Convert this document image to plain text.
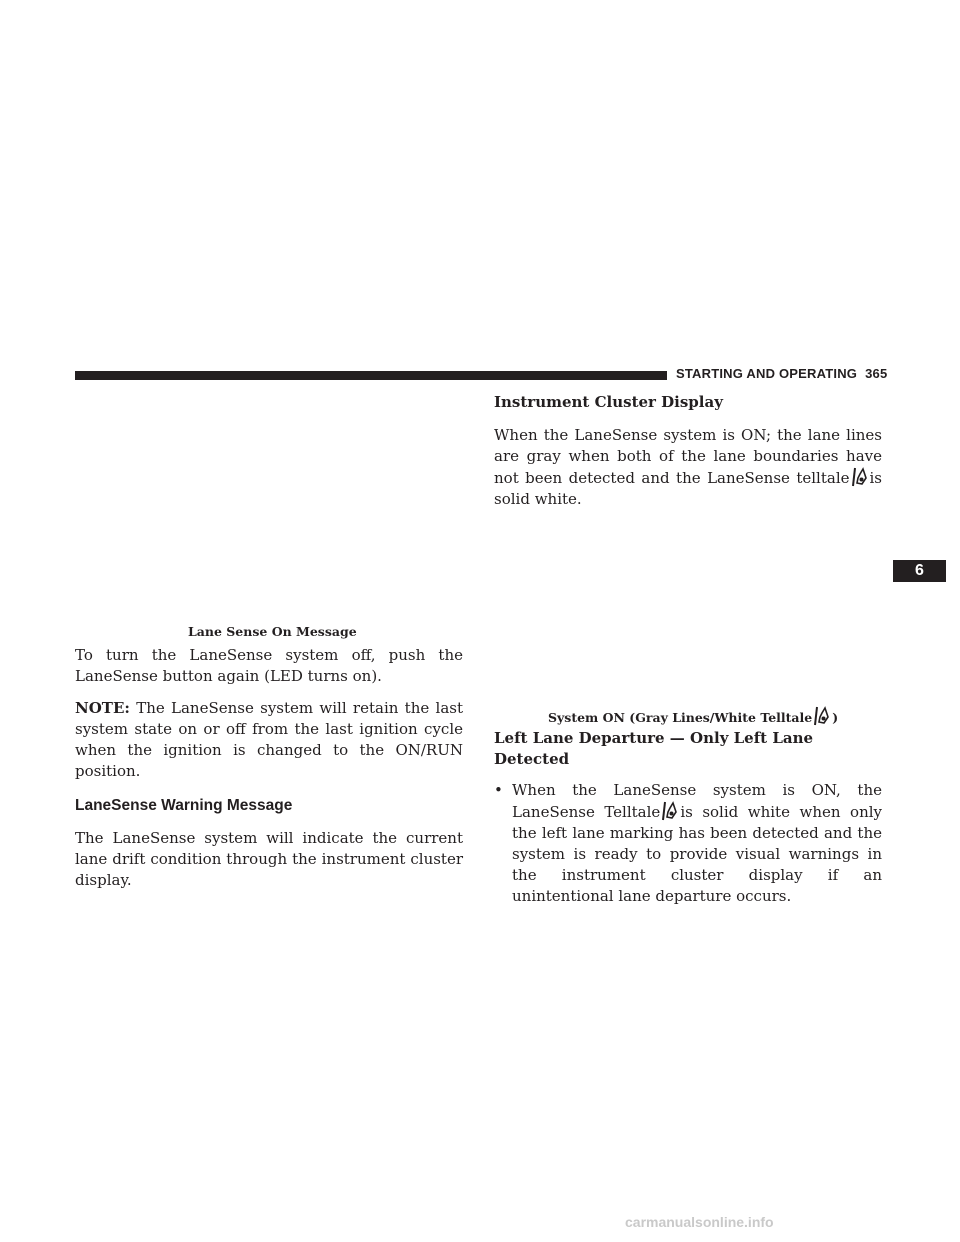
STARTING AND OPERATING 365
6
Lane Sense On Message

To turn the LaneSense system off, push the LaneSense button again (LED turns on).

NOTE: The LaneSense system will retain the last system state on or off from the last ignition cycle when the ignition is changed to the ON/RUN position.

LaneSense Warning Message

The LaneSense system will indicate the current lane drift condition through the instrument cluster display.

Instrument Cluster Display

When the LaneSense system is ON; the lane lines are gray when both of the lane boundaries have not been detected and the LaneSense telltale is solid white.

System ON (Gray Lines/White Telltale )
Left Lane Departure — Only Left Lane Detected
• When the LaneSense system is ON, the LaneSense Telltale is solid white when only the left lane marking has been detected and the system is ready to provide visual warnings in the instrument cluster display if an unintentional lane departure occurs.
carmanualsonline.info
